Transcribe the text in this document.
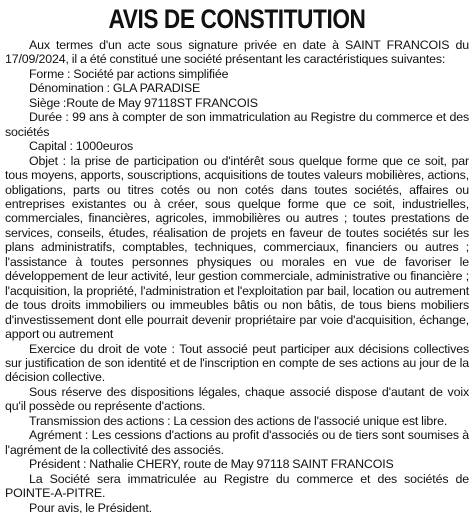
AVIS DE CONSTITUTION

Aux termes d'un acte sous signature privée en date à SAINT FRANCOIS du 17/09/2024, il a été constitué une société présentant les caractéristiques suivantes:

Forme : Société par actions simplifiée

Dénomination : GLA PARADISE

Siège :Route de May 97118ST FRANCOIS

Durée : 99 ans à compter de son immatriculation au Registre du commerce et des sociétés

Capital : 1000euros

Objet : la prise de participation ou d'intérêt sous quelque forme que ce soit, par tous moyens, apports, souscriptions, acquisitions de toutes valeurs mobilières, actions, obligations, parts ou titres cotés ou non cotés dans toutes sociétés, affaires ou entreprises existantes ou à créer, sous quelque forme que ce soit, industrielles, commerciales, financières, agricoles, immobilières ou autres ; toutes prestations de services, conseils, études, réalisation de projets en faveur de toutes sociétés sur les plans administratifs, comptables, techniques, commerciaux, financiers ou autres ; l'assistance à toutes personnes physiques ou morales en vue de favoriser le développement de leur activité, leur gestion commerciale, administrative ou financière ; l'acquisition, la propriété, l'administration et l'exploitation par bail, location ou autrement de tous droits immobiliers ou immeubles bâtis ou non bâtis, de tous biens mobiliers d'investissement dont elle pourrait devenir propriétaire par voie d'acquisition, échange, apport ou autrement

Exercice du droit de vote : Tout associé peut participer aux décisions collectives sur justification de son identité et de l'inscription en compte de ses actions au jour de la décision collective.

Sous réserve des dispositions légales, chaque associé dispose d'autant de voix qu'il possède ou représente d'actions.

Transmission des actions : La cession des actions de l'associé unique est libre.

Agrément : Les cessions d'actions au profit d'associés ou de tiers sont soumises à l'agrément de la collectivité des associés.

Président : Nathalie CHERY, route de May 97118 SAINT FRANCOIS

La Société sera immatriculée au Registre du commerce et des sociétés de POINTE-A-PITRE.

Pour avis, le Président.
